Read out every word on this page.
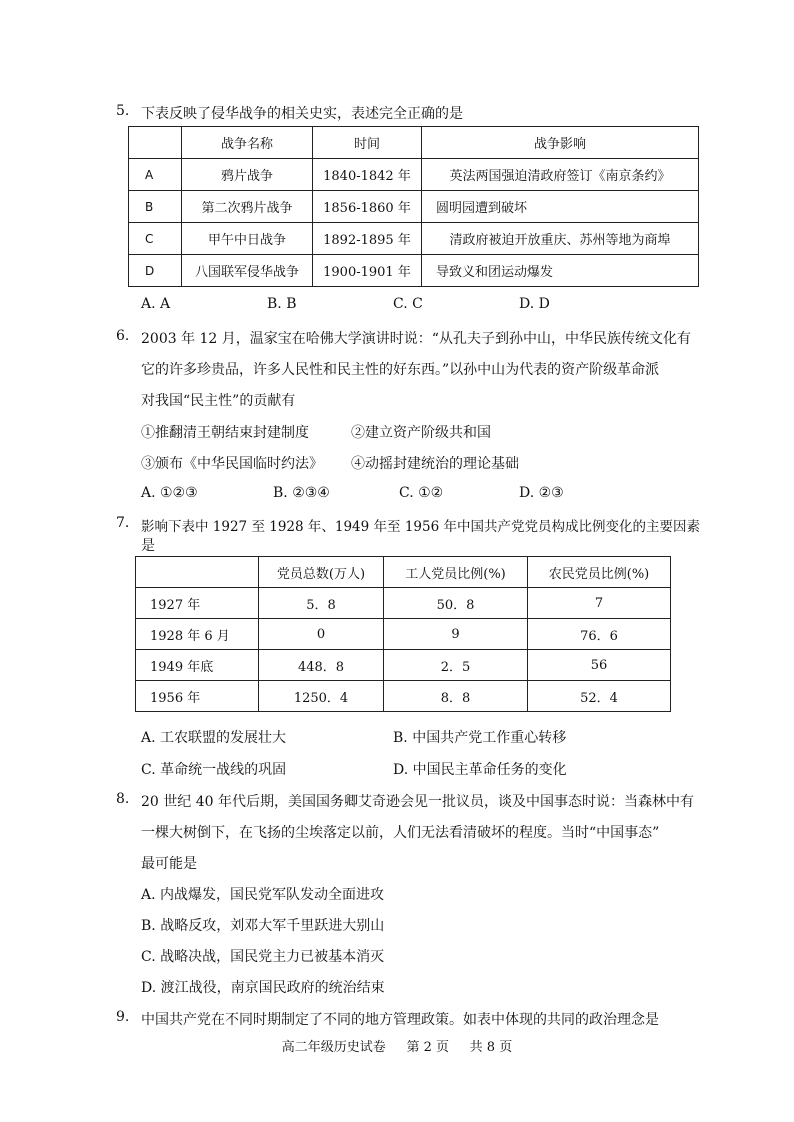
5. 下表反映了侵华战争的相关史实，表述完全正确的是
	战争名称	时间	战争影响
A	鸦片战争	1840-1842 年	英法两国强迫清政府签订《南京条约》
B	第二次鸦片战争	1856-1860 年	圆明园遭到破坏
C	甲午中日战争	1892-1895 年	清政府被迫开放重庆、苏州等地为商埠
D	八国联军侵华战争	1900-1901 年	导致义和团运动爆发
A. A	B. B	C. C	D. D
6. 2003 年 12 月，温家宝在哈佛大学演讲时说：“从孔夫子到孙中山，中华民族传统文化有
它的许多珍贵品，许多人民性和民主性的好东西。”以孙中山为代表的资产阶级革命派
对我国“民主性”的贡献有
①推翻清王朝结束封建制度	②建立资产阶级共和国
③颁布《中华民国临时约法》 ④动摇封建统治的理论基础
A. ①②③	B. ②③④	C. ①②	D. ②③
7. 影响下表中 1927 至 1928 年、1949 年至 1956 年中国共产党党员构成比例变化的主要因素
是
	党员总数(万人)	工人党员比例(%)	农民党员比例(%)
1927 年	5．8	50．8	7
1928 年 6 月	0	9	76．6
1949 年底	448．8	2．5	56
1956 年	1250．4	8．8	52．4
A. 工农联盟的发展壮大	B. 中国共产党工作重心转移
C. 革命统一战线的巩固	D. 中国民主革命任务的变化
8. 20 世纪 40 年代后期，美国国务卿艾奇逊会见一批议员，谈及中国事态时说：当森林中有
一棵大树倒下，在飞扬的尘埃落定以前，人们无法看清破坏的程度。当时“中国事态”
最可能是
A. 内战爆发，国民党军队发动全面进攻
B. 战略反攻，刘邓大军千里跃进大别山
C. 战略决战，国民党主力已被基本消灭
D. 渡江战役，南京国民政府的统治结束
9. 中国共产党在不同时期制定了不同的地方管理政策。如表中体现的共同的政治理念是
高二年级历史试卷     第 2 页     共 8 页
